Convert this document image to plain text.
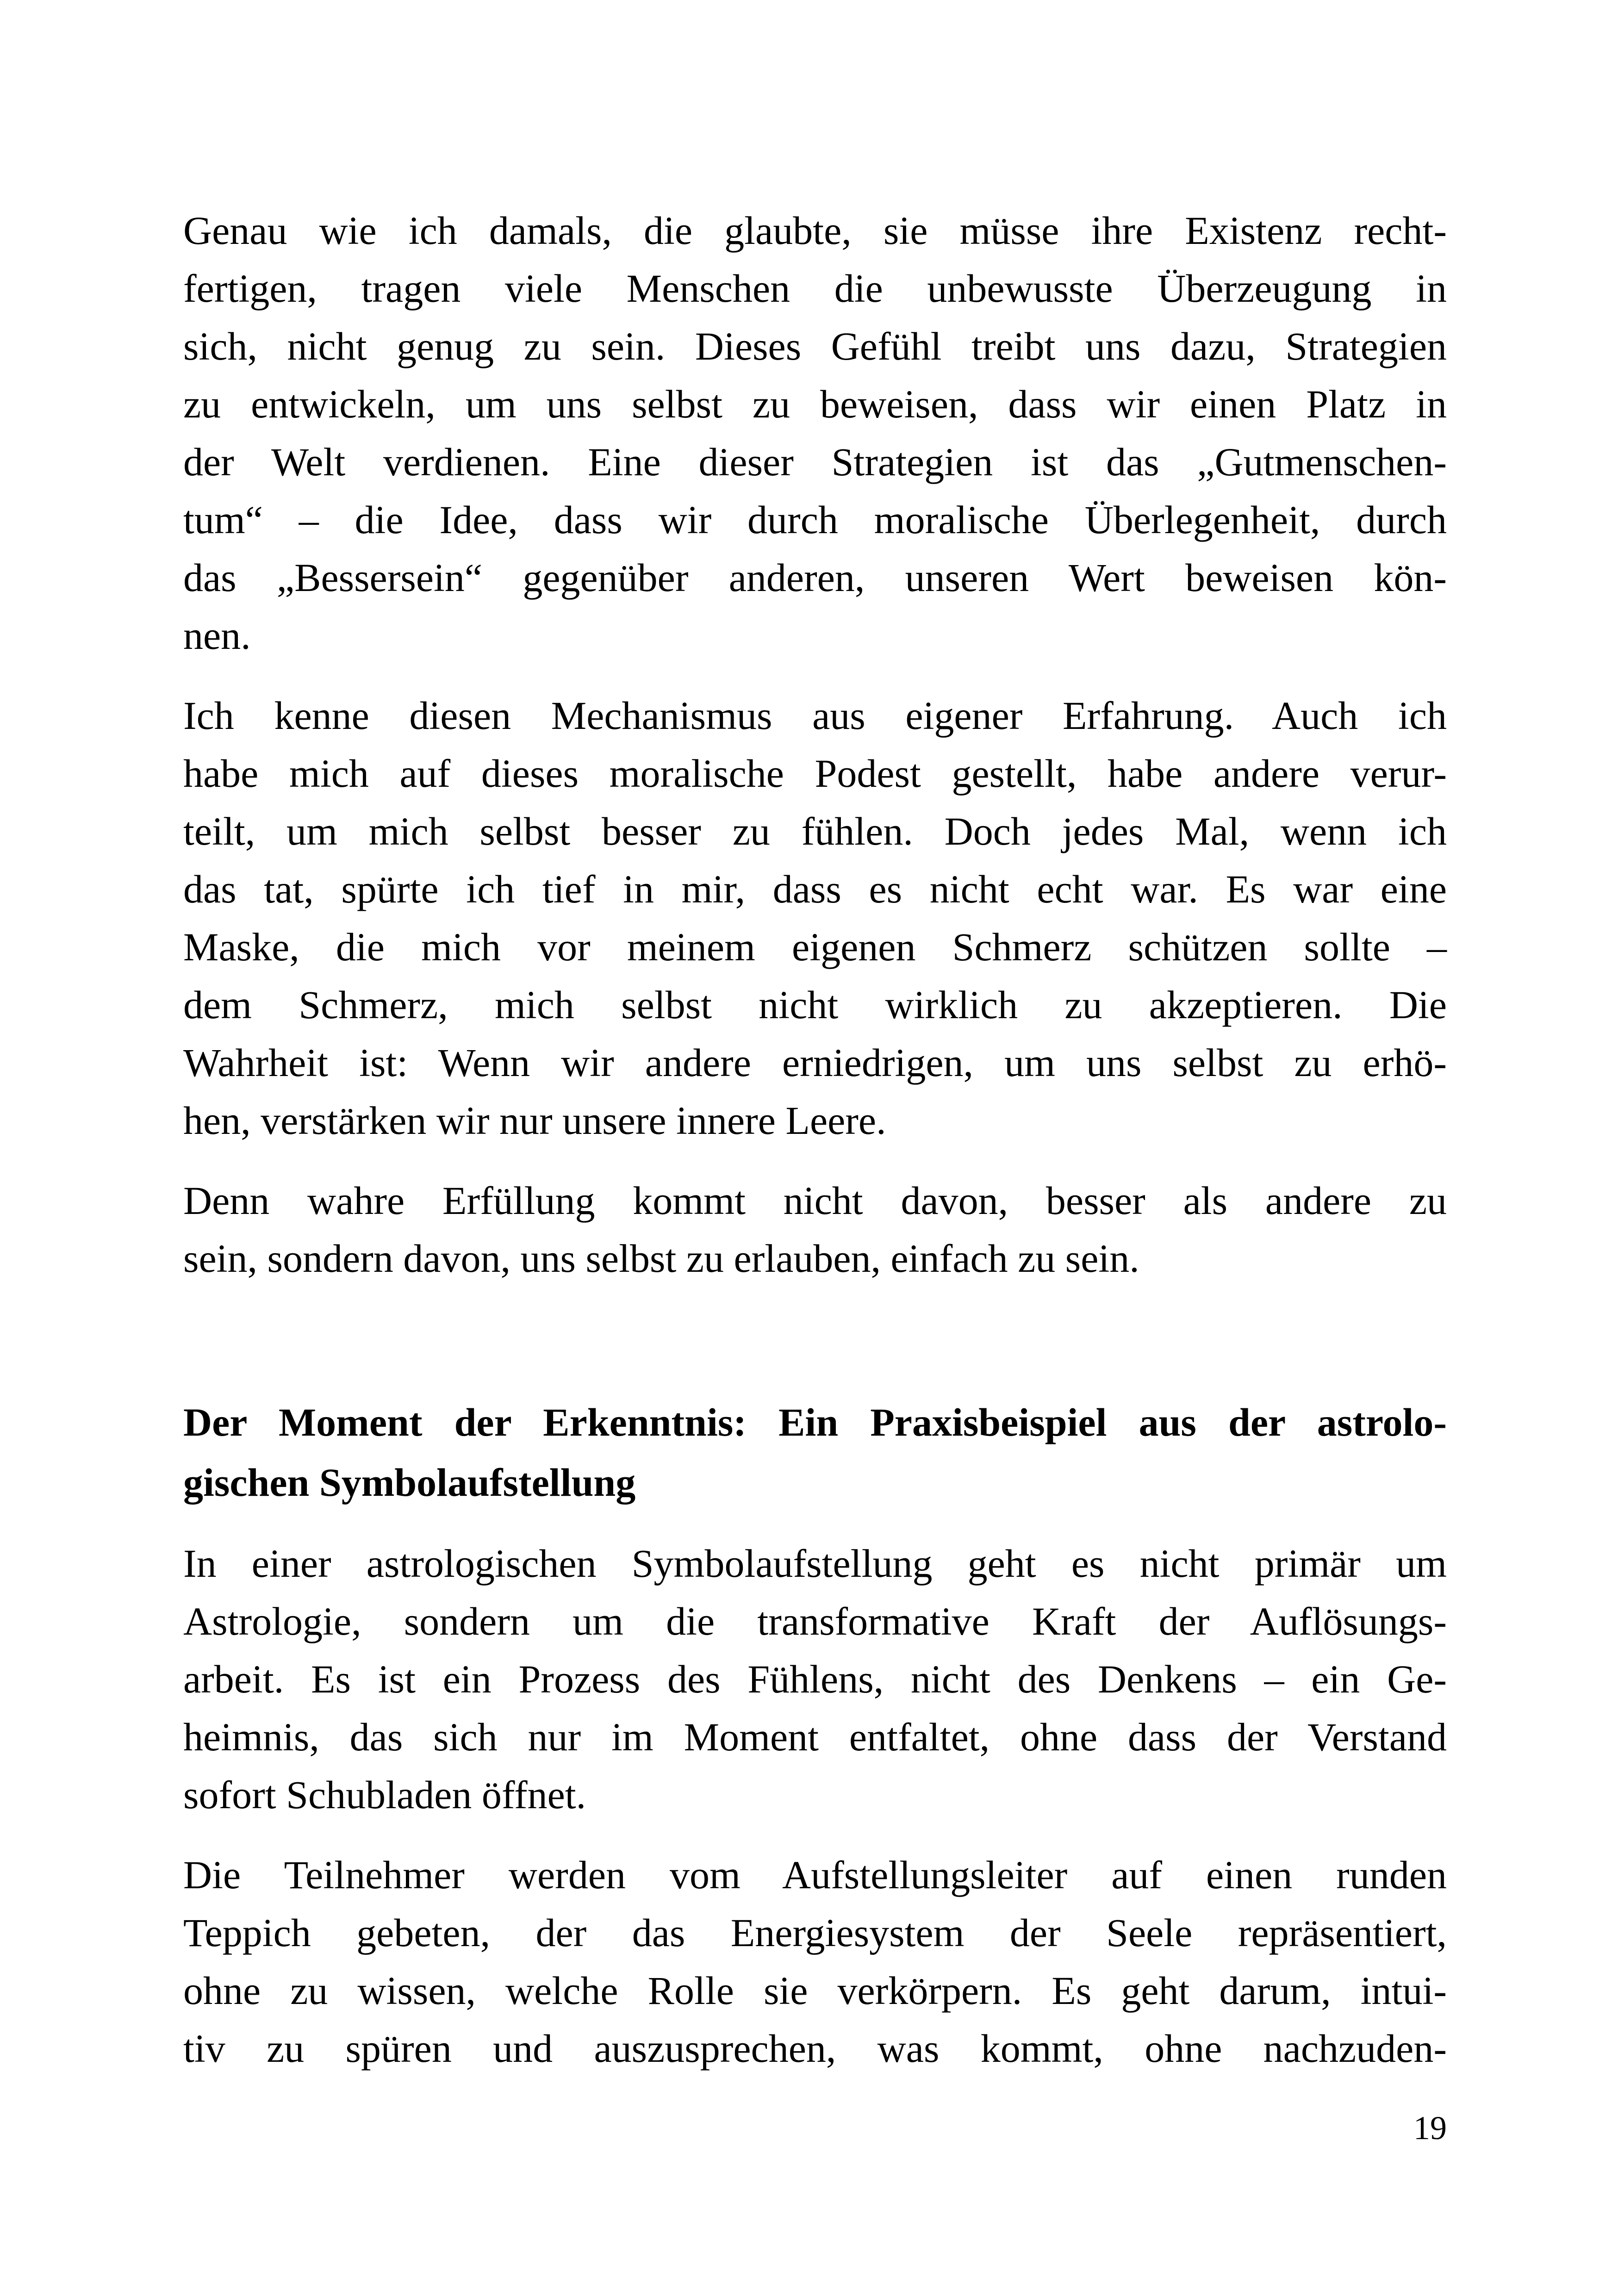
Genau wie ich damals, die glaubte, sie müsse ihre Existenz recht-
fertigen, tragen viele Menschen die unbewusste Überzeugung in
sich, nicht genug zu sein. Dieses Gefühl treibt uns dazu, Strategien
zu entwickeln, um uns selbst zu beweisen, dass wir einen Platz in
der Welt verdienen. Eine dieser Strategien ist das „Gutmenschen-
tum“ – die Idee, dass wir durch moralische Überlegenheit, durch
das „Bessersein“ gegenüber anderen, unseren Wert beweisen kön-
nen.

Ich kenne diesen Mechanismus aus eigener Erfahrung. Auch ich
habe mich auf dieses moralische Podest gestellt, habe andere verur-
teilt, um mich selbst besser zu fühlen. Doch jedes Mal, wenn ich
das tat, spürte ich tief in mir, dass es nicht echt war. Es war eine
Maske, die mich vor meinem eigenen Schmerz schützen sollte –
dem Schmerz, mich selbst nicht wirklich zu akzeptieren. Die
Wahrheit ist: Wenn wir andere erniedrigen, um uns selbst zu erhö-
hen, verstärken wir nur unsere innere Leere.

Denn wahre Erfüllung kommt nicht davon, besser als andere zu
sein, sondern davon, uns selbst zu erlauben, einfach zu sein.

Der Moment der Erkenntnis: Ein Praxisbeispiel aus der astrolo-
gischen Symbolaufstellung

In einer astrologischen Symbolaufstellung geht es nicht primär um
Astrologie, sondern um die transformative Kraft der Auflösungs-
arbeit. Es ist ein Prozess des Fühlens, nicht des Denkens – ein Ge-
heimnis, das sich nur im Moment entfaltet, ohne dass der Verstand
sofort Schubladen öffnet.

Die Teilnehmer werden vom Aufstellungsleiter auf einen runden
Teppich gebeten, der das Energiesystem der Seele repräsentiert,
ohne zu wissen, welche Rolle sie verkörpern. Es geht darum, intui-
tiv zu spüren und auszusprechen, was kommt, ohne nachzuden-

19
